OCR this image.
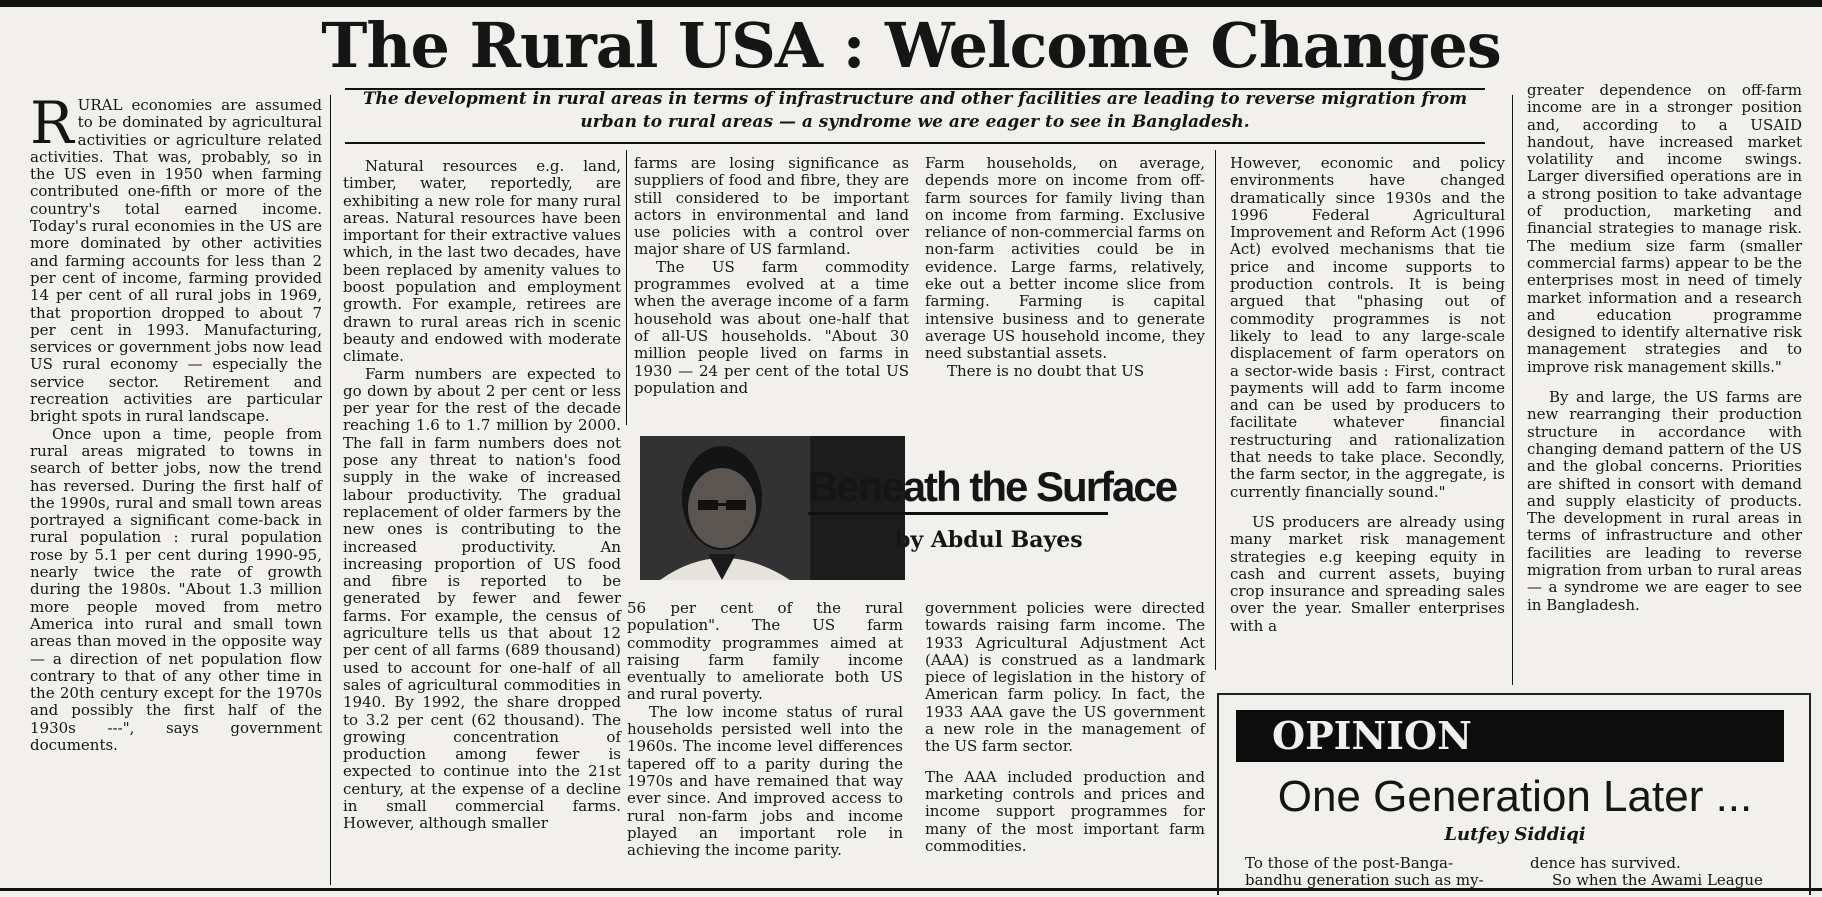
The Rural USA : Welcome Changes
The development in rural areas in terms of infrastructure and other facilities are leading to reverse migration from urban to rural areas — a syndrome we are eager to see in Bangladesh.

RURAL economies are assumed to be dominated by agricultural activities or agriculture related activities. That was, probably, so in the US even in 1950 when farming contributed one-fifth or more of the country's total earned income. Today's rural economies in the US are more dominated by other activities and farming accounts for less than 2 per cent of income, farming provided 14 per cent of all rural jobs in 1969, that proportion dropped to about 7 per cent in 1993. Manufacturing, services or government jobs now lead US rural economy — especially the service sector. Retirement and recreation activities are particular bright spots in rural landscape.

Once upon a time, people from rural areas migrated to towns in search of better jobs, now the trend has reversed. During the first half of the 1990s, rural and small town areas portrayed a significant come-back in rural population : rural population rose by 5.1 per cent during 1990-95, nearly twice the rate of growth during the 1980s. "About 1.3 million more people moved from metro America into rural and small town areas than moved in the opposite way — a direction of net population flow contrary to that of any other time in the 20th century except for the 1970s and possibly the first half of the 1930s ---", says government documents.

Natural resources e.g. land, timber, water, reportedly, are exhibiting a new role for many rural areas. Natural resources have been important for their extractive values which, in the last two decades, have been replaced by amenity values to boost population and employment growth. For example, retirees are drawn to rural areas rich in scenic beauty and endowed with moderate climate.

Farm numbers are expected to go down by about 2 per cent or less per year for the rest of the decade reaching 1.6 to 1.7 million by 2000. The fall in farm numbers does not pose any threat to nation's food supply in the wake of increased labour productivity. The gradual replacement of older farmers by the new ones is contributing to the increased productivity. An increasing proportion of US food and fibre is reported to be generated by fewer and fewer farms. For example, the census of agriculture tells us that about 12 per cent of all farms (689 thousand) used to account for one-half of all sales of agricultural commodities in 1940. By 1992, the share dropped to 3.2 per cent (62 thousand). The growing concentration of production among fewer is expected to continue into the 21st century, at the expense of a decline in small commercial farms. However, although smaller

farms are losing significance as suppliers of food and fibre, they are still considered to be important actors in environmental and land use policies with a control over major share of US farmland.

The US farm commodity programmes evolved at a time when the average income of a farm household was about one-half that of all-US households. "About 30 million people lived on farms in 1930 — 24 per cent of the total US population and

Farm households, on average, depends more on income from off-farm sources for family living than on income from farming. Exclusive reliance of non-commercial farms on non-farm activities could be in evidence. Large farms, relatively, eke out a better income slice from farming. Farming is capital intensive business and to generate average US household income, they need substantial assets.

There is no doubt that US

Beneath the Surface
by Abdul Bayes

56 per cent of the rural population". The US farm commodity programmes aimed at raising farm family income eventually to ameliorate both US and rural poverty.

The low income status of rural households persisted well into the 1960s. The income level differences tapered off to a parity during the 1970s and have remained that way ever since. And improved access to rural non-farm jobs and income played an important role in achieving the income parity.

government policies were directed towards raising farm income. The 1933 Agricultural Adjustment Act (AAA) is construed as a landmark piece of legislation in the history of American farm policy. In fact, the 1933 AAA gave the US government a new role in the management of the US farm sector.

The AAA included production and marketing controls and prices and income support programmes for many of the most important farm commodities.

However, economic and policy environments have changed dramatically since 1930s and the 1996 Federal Agricultural Improvement and Reform Act (1996 Act) evolved mechanisms that tie price and income supports to production controls. It is being argued that "phasing out of commodity programmes is not likely to lead to any large-scale displacement of farm operators on a sector-wide basis : First, contract payments will add to farm income and can be used by producers to facilitate whatever financial restructuring and rationalization that needs to take place. Secondly, the farm sector, in the aggregate, is currently financially sound."

US producers are already using many market risk management strategies e.g keeping equity in cash and current assets, buying crop insurance and spreading sales over the year. Smaller enterprises with a

greater dependence on off-farm income are in a stronger position and, according to a USAID handout, have increased market volatility and income swings. Larger diversified operations are in a strong position to take advantage of production, marketing and financial strategies to manage risk. The medium size farm (smaller commercial farms) appear to be the enterprises most in need of timely market information and a research and education programme designed to identify alternative risk management strategies and to improve risk management skills."

By and large, the US farms are new rearranging their production structure in accordance with changing demand pattern of the US and the global concerns. Priorities are shifted in consort with demand and supply elasticity of products. The development in rural areas in terms of infrastructure and other facilities are leading to reverse migration from urban to rural areas — a syndrome we are eager to see in Bangladesh.

OPINION
One Generation Later ...
Lutfey Siddiqi
To those of the post-Banga-
bandhu generation such as my-
dence has survived.
So when the Awami League
